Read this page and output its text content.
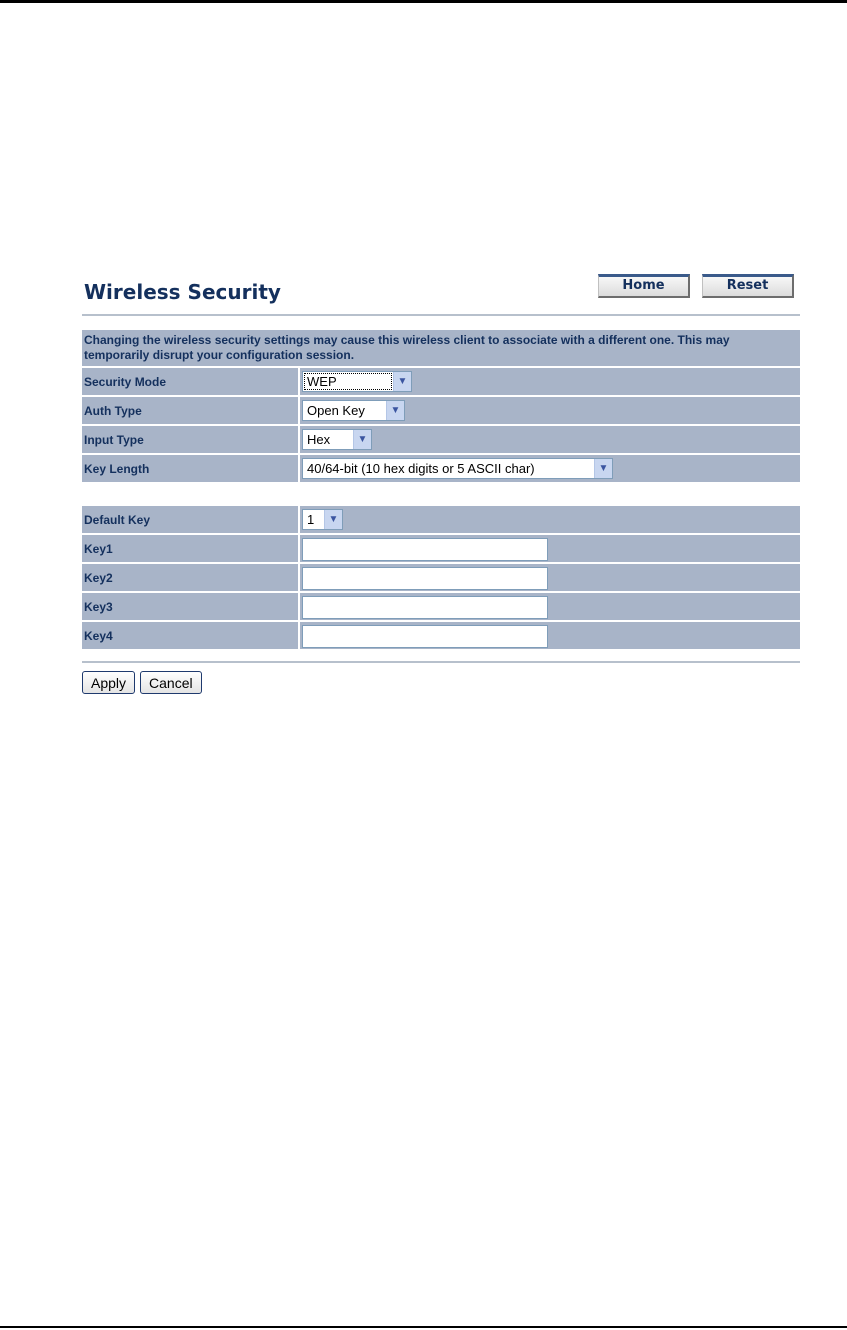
Wireless Security	Home	Reset
Changing the wireless security settings may cause this wireless client to associate with a different one. This may temporarily disrupt your configuration session.
Security Mode	WEP ▼

Auth Type	Open Key ▼

Input Type	Hex ▼

Key Length	40/64-bit (10 hex digits or 5 ASCII char) ▼
Default Key	1 ▼

Key1	
Key2	
Key3	
Key4	
Apply	Cancel
